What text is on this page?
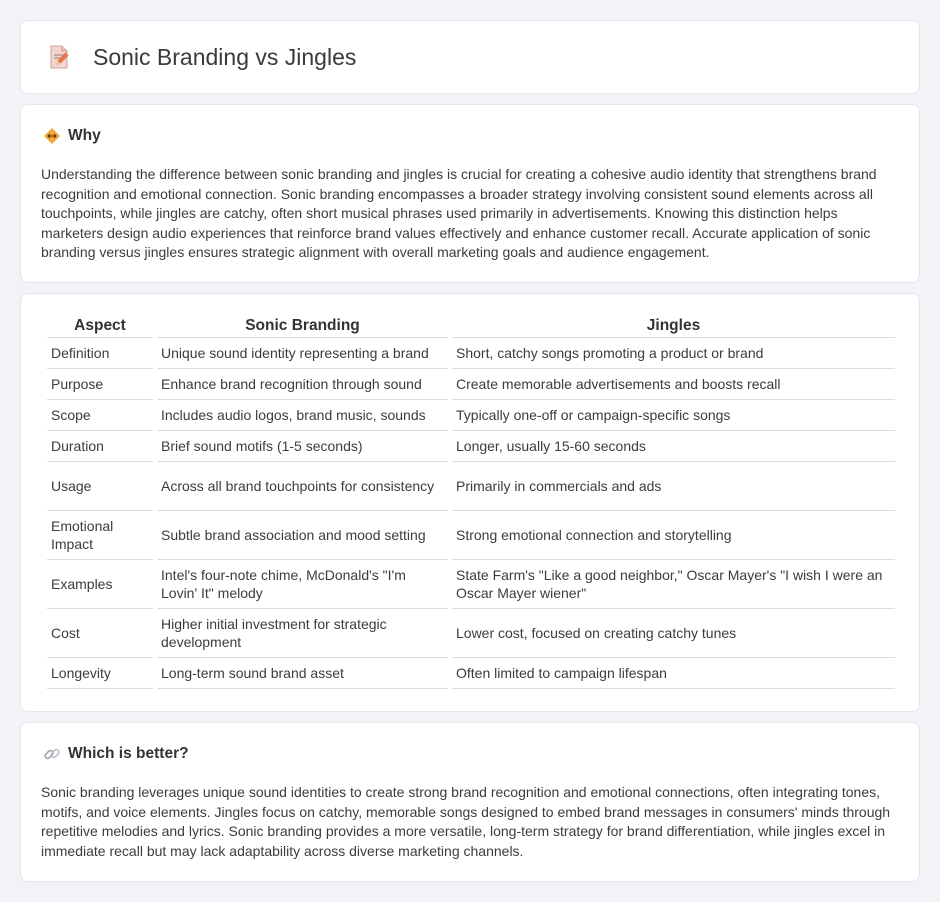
Sonic Branding vs Jingles
Why

Understanding the difference between sonic branding and jingles is crucial for creating a cohesive audio identity that strengthens brand recognition and emotional connection. Sonic branding encompasses a broader strategy involving consistent sound elements across all touchpoints, while jingles are catchy, often short musical phrases used primarily in advertisements. Knowing this distinction helps marketers design audio experiences that reinforce brand values effectively and enhance customer recall. Accurate application of sonic branding versus jingles ensures strategic alignment with overall marketing goals and audience engagement.

Aspect	Sonic Branding	Jingles
Definition	Unique sound identity representing a brand	Short, catchy songs promoting a product or brand
Purpose	Enhance brand recognition through sound	Create memorable advertisements and boosts recall
Scope	Includes audio logos, brand music, sounds	Typically one-off or campaign-specific songs
Duration	Brief sound motifs (1-5 seconds)	Longer, usually 15-60 seconds
Usage	Across all brand touchpoints for consistency	Primarily in commercials and ads
Emotional Impact	Subtle brand association and mood setting	Strong emotional connection and storytelling
Examples	Intel's four-note chime, McDonald's "I'm Lovin' It" melody	State Farm's "Like a good neighbor," Oscar Mayer's "I wish I were an Oscar Mayer wiener"
Cost	Higher initial investment for strategic development	Lower cost, focused on creating catchy tunes
Longevity	Long-term sound brand asset	Often limited to campaign lifespan
Which is better?

Sonic branding leverages unique sound identities to create strong brand recognition and emotional connections, often integrating tones, motifs, and voice elements. Jingles focus on catchy, memorable songs designed to embed brand messages in consumers' minds through repetitive melodies and lyrics. Sonic branding provides a more versatile, long-term strategy for brand differentiation, while jingles excel in immediate recall but may lack adaptability across diverse marketing channels.
